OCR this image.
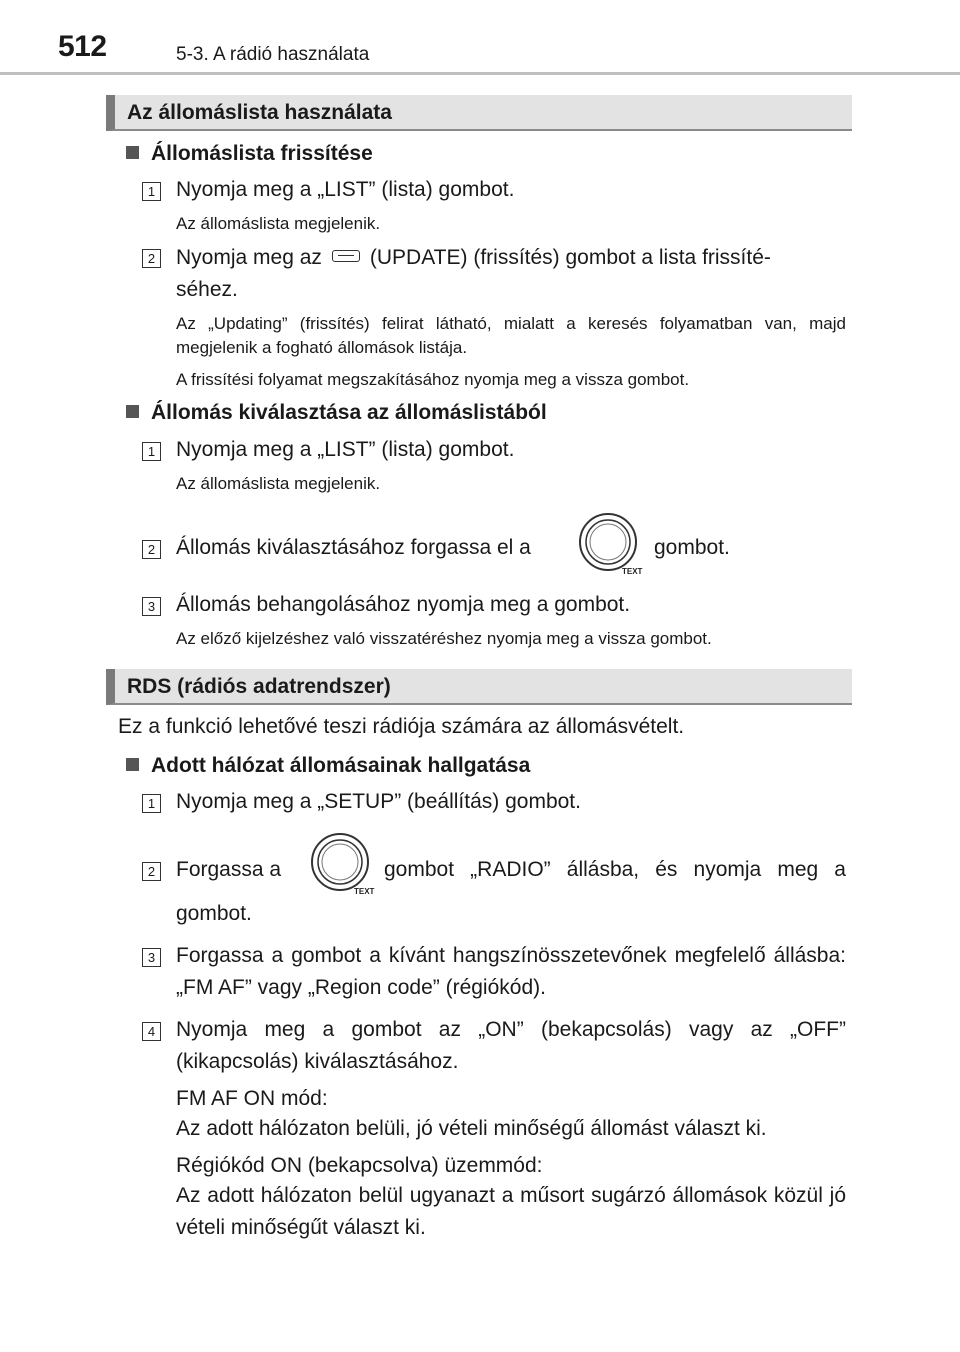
512	5-3. A rádió használata
Az állomáslista használata
Állomáslista frissítése
1 Nyomja meg a „LIST” (lista) gombot.
Az állomáslista megjelenik.
2 Nyomja meg az (UPDATE) (frissítés) gombot a lista frissíté-
séhez.
Az „Updating” (frissítés) felirat látható, mialatt a keresés folyamatban van, majd megjelenik a fogható állomások listája.
A frissítési folyamat megszakításához nyomja meg a vissza gombot.
Állomás kiválasztása az állomáslistából
1 Nyomja meg a „LIST” (lista) gombot.
Az állomáslista megjelenik.
2 Állomás kiválasztásához forgassa el a
TEXT
gombot.
3 Állomás behangolásához nyomja meg a gombot.
Az előző kijelzéshez való visszatéréshez nyomja meg a vissza gombot.
RDS (rádiós adatrendszer)
Ez a funkció lehetővé teszi rádiója számára az állomásvételt.
Adott hálózat állomásainak hallgatása
1 Nyomja meg a „SETUP” (beállítás) gombot.
2 Forgassa a
TEXT
gombot „RADIO” állásba, és nyomja meg a
gombot.
3 Forgassa a gombot a kívánt hangszínösszetevőnek megfelelő állásba: „FM AF” vagy „Region code” (régiókód).
4 Nyomja meg a gombot az „ON” (bekapcsolás) vagy az „OFF” (kikapcsolás) kiválasztásához.
FM AF ON mód:
Az adott hálózaton belüli, jó vételi minőségű állomást választ ki.
Régiókód ON (bekapcsolva) üzemmód:
Az adott hálózaton belül ugyanazt a műsort sugárzó állomások közül jó vételi minőségűt választ ki.
